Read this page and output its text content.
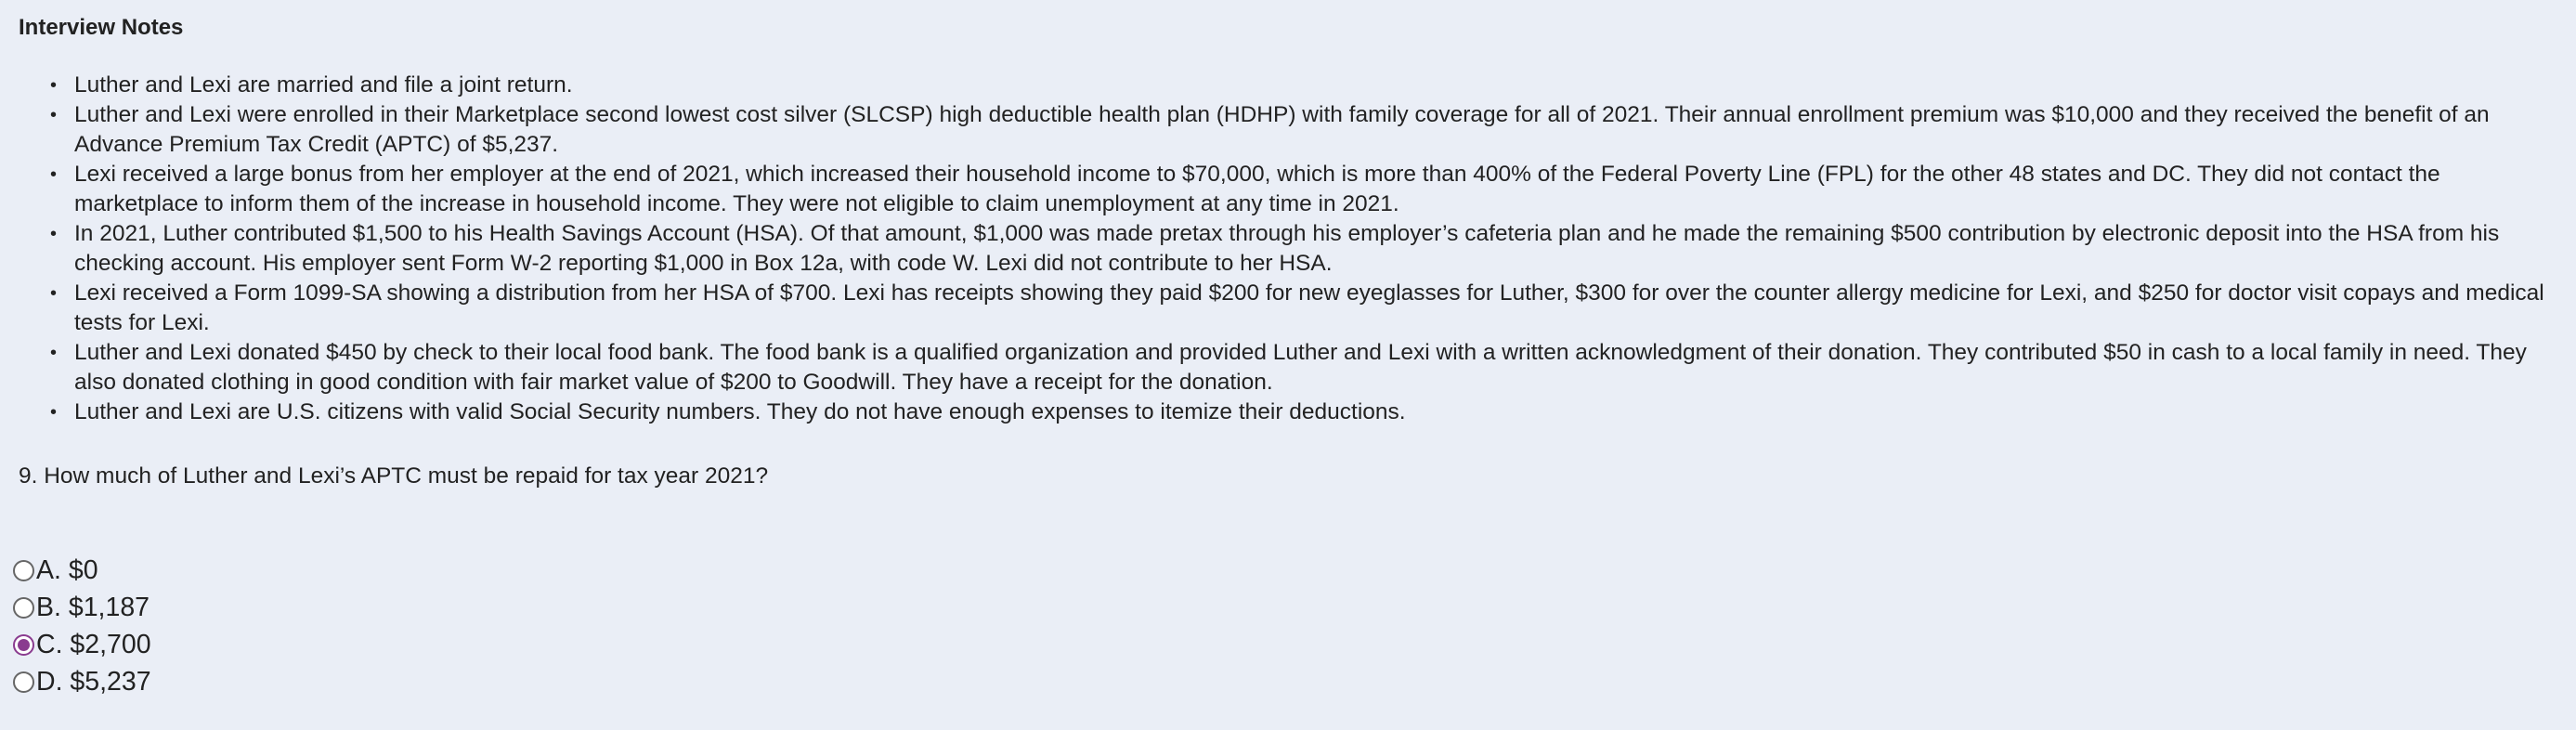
Interview Notes
• Luther and Lexi are married and file a joint return.
• Luther and Lexi were enrolled in their Marketplace second lowest cost silver (SLCSP) high deductible health plan (HDHP) with family coverage for all of 2021. Their annual enrollment premium was $10,000 and they received the benefit of an Advance Premium Tax Credit (APTC) of $5,237.
• Lexi received a large bonus from her employer at the end of 2021, which increased their household income to $70,000, which is more than 400% of the Federal Poverty Line (FPL) for the other 48 states and DC. They did not contact the marketplace to inform them of the increase in household income. They were not eligible to claim unemployment at any time in 2021.
• In 2021, Luther contributed $1,500 to his Health Savings Account (HSA). Of that amount, $1,000 was made pretax through his employer’s cafeteria plan and he made the remaining $500 contribution by electronic deposit into the HSA from his checking account. His employer sent Form W-2 reporting $1,000 in Box 12a, with code W. Lexi did not contribute to her HSA.
• Lexi received a Form 1099-SA showing a distribution from her HSA of $700. Lexi has receipts showing they paid $200 for new eyeglasses for Luther, $300 for over the counter allergy medicine for Lexi, and $250 for doctor visit copays and medical tests for Lexi.
• Luther and Lexi donated $450 by check to their local food bank. The food bank is a qualified organization and provided Luther and Lexi with a written acknowledgment of their donation. They contributed $50 in cash to a local family in need. They also donated clothing in good condition with fair market value of $200 to Goodwill. They have a receipt for the donation.
• Luther and Lexi are U.S. citizens with valid Social Security numbers. They do not have enough expenses to itemize their deductions.
9. How much of Luther and Lexi’s APTC must be repaid for tax year 2021?
A. $0
B. $1,187
C. $2,700
D. $5,237
